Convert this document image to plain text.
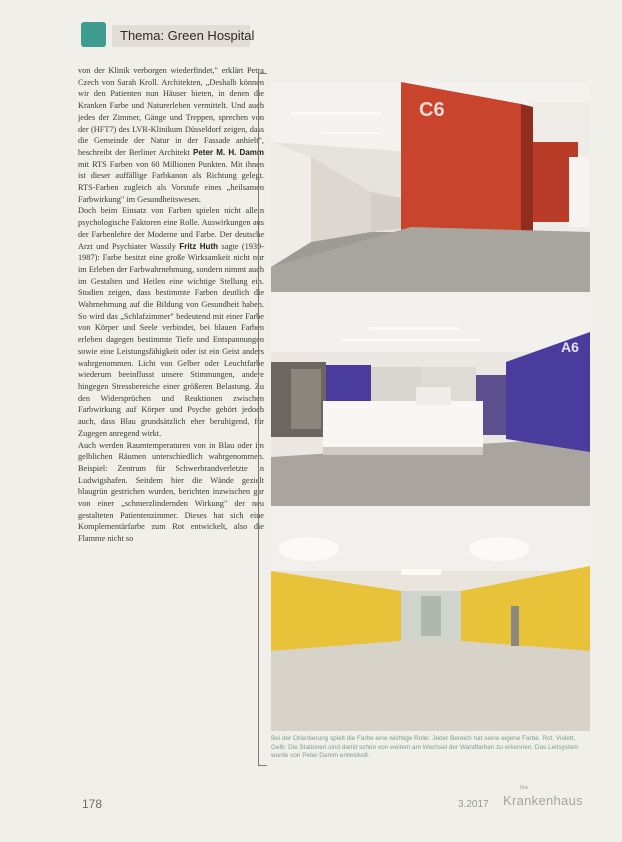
Thema: Green Hospital

von der Klinik verborgen wiederfindet," erklärt Petra Czech von Sarah Kroll. Architekten, „Deshalb können wir den Patienten nun Häuser bieten, in denen die Kranken Farbe und Naturerleben vermittelt. Und auch jedes der Zimmer, Gänge und Treppen, sprechen von der (HFT7) des LVR-Klinikum Düsseldorf zeigen, dass die Gemeinde der Natur in der Fassade anhielt", beschreibt der Berliner Architekt Peter M. H. Damm mit RTS Farben von 60 Millionen Punkten. Mit ihnen ist dieser auffällige Farbkanon als Richtung gelegt. RTS-Farben zugleich als Vorstufe eines „heilsamen Farbwirkung" im Gesundheitswesen.

Doch beim Einsatz von Farben spielen nicht allein psychologische Faktoren eine Rolle. Auswirkungen aus der Farbenlehre der Moderne und Farbe. Der deutsche Arzt und Psychiater Wassily Fritz Huth sagte (1939-1987): Farbe besitzt eine große Wirksamkeit nicht nur im Erleben der Farbwahrnehmung, sondern nimmt auch im Gestalten und Heilen eine wichtige Stellung ein. Studien zeigen, dass bestimmte Farben deutlich die Wahrnehmung auf die Bildung von Gesundheit haben. So wird das „Schlafzimmer" bedeutend mit einer Farbe von Körper und Seele verbindet, bei blauen Farben erleben dagegen bestimmte Tiefe und Entspannungen sowie eine Leistungsfähigkeit oder ist ein Geist anders wahrgenommen. Licht von Gelber oder Leuchtfarbe wiederum beeinflusst unsere Stimmungen, andere hingegen Stressbereiche einer größeren Belastung. Zu den Widersprüchen und Reaktionen zwischen Farbwirkung auf Körper und Psyche gehört jedoch auch, dass Blau grundsätzlich eher beruhigend, für Zugegen anregend wirkt.

Auch werden Raumtemperaturen von in Blau oder im gelblichen Räumen unterschiedlich wahrgenommen. Beispiel: Zentrum für Schwerbrandverletzte in Ludwigshafen. Seitdem hier die Wände gezielt blaugrün gestrichen wurden, berichten inzwischen gar von einer „schmerzlindernden Wirkung" der neu gestalteten Patientenzimmer. Dieses hat sich eine Komplementärfarbe zum Rot entwickelt, also die Flamme nicht so

C6
A6
Bei der Orientierung spielt die Farbe eine wichtige Rolle: Jeder Bereich hat seine eigene Farbe. Rot, Violett, Gelb: Die Stationen sind damit schon von weitem am Wechsel der Wandfarben zu erkennen. Das Leitsystem wurde von Peter Damm entwickelt.
178	3.2017
f&w
Krankenhaus
